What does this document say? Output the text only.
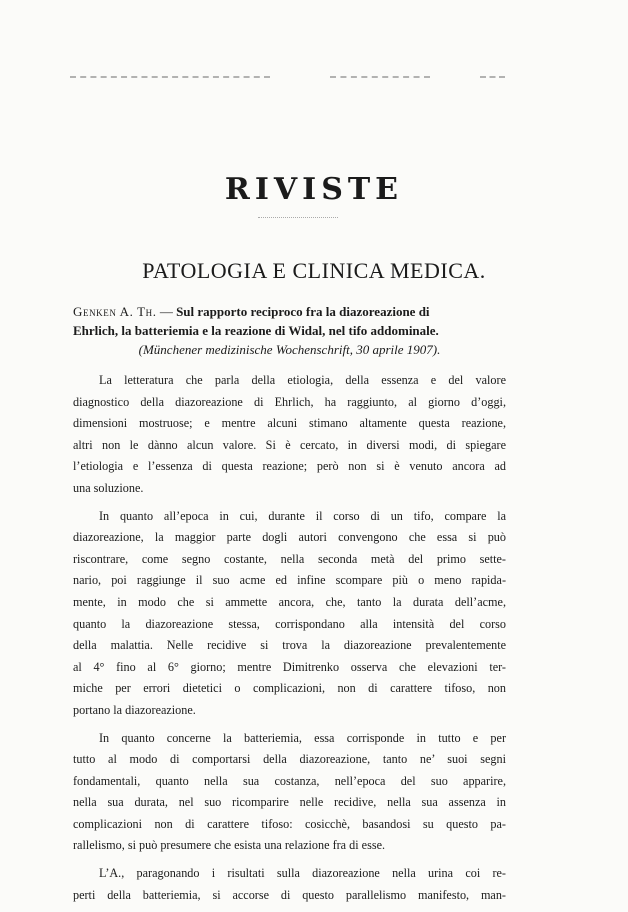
RIVISTE
PATOLOGIA E CLINICA MEDICA.
Genken A. Th. — Sul rapporto reciproco fra la diazoreazione di
Ehrlich, la batteriemia e la reazione di Widal, nel tifo addominale.
(Münchener medizinische Wochenschrift, 30 aprile 1907).

La letteratura che parla della etiologia, della essenza e del valore
diagnostico della diazoreazione di Ehrlich, ha raggiunto, al giorno d’oggi,
dimensioni mostruose; e mentre alcuni stimano altamente questa reazione,
altri non le dànno alcun valore. Si è cercato, in diversi modi, di spiegare
l’etiologia e l’essenza di questa reazione; però non si è venuto ancora ad
una soluzione.

In quanto all’epoca in cui, durante il corso di un tifo, compare la
diazoreazione, la maggior parte dogli autori convengono che essa si può
riscontrare, come segno costante, nella seconda metà del primo sette-
nario, poi raggiunge il suo acme ed infine scompare più o meno rapida-
mente, in modo che si ammette ancora, che, tanto la durata dell’acme,
quanto la diazoreazione stessa, corrispondano alla intensità del corso
della malattia. Nelle recidive si trova la diazoreazione prevalentemente
al 4° fino al 6° giorno; mentre Dimitrenko osserva che elevazioni ter-
miche per errori dietetici o complicazioni, non di carattere tifoso, non
portano la diazoreazione.

In quanto concerne la batteriemia, essa corrisponde in tutto e per
tutto al modo di comportarsi della diazoreazione, tanto ne’ suoi segni
fondamentali, quanto nella sua costanza, nell’epoca del suo apparire,
nella sua durata, nel suo ricomparire nelle recidive, nella sua assenza in
complicazioni non di carattere tifoso: cosicchè, basandosi su questo pa-
rallelismo, si può presumere che esista una relazione fra di esse.

L’A., paragonando i risultati sulla diazoreazione nella urina coi re-
perti della batteriemia, si accorse di questo parallelismo manifesto, man-
